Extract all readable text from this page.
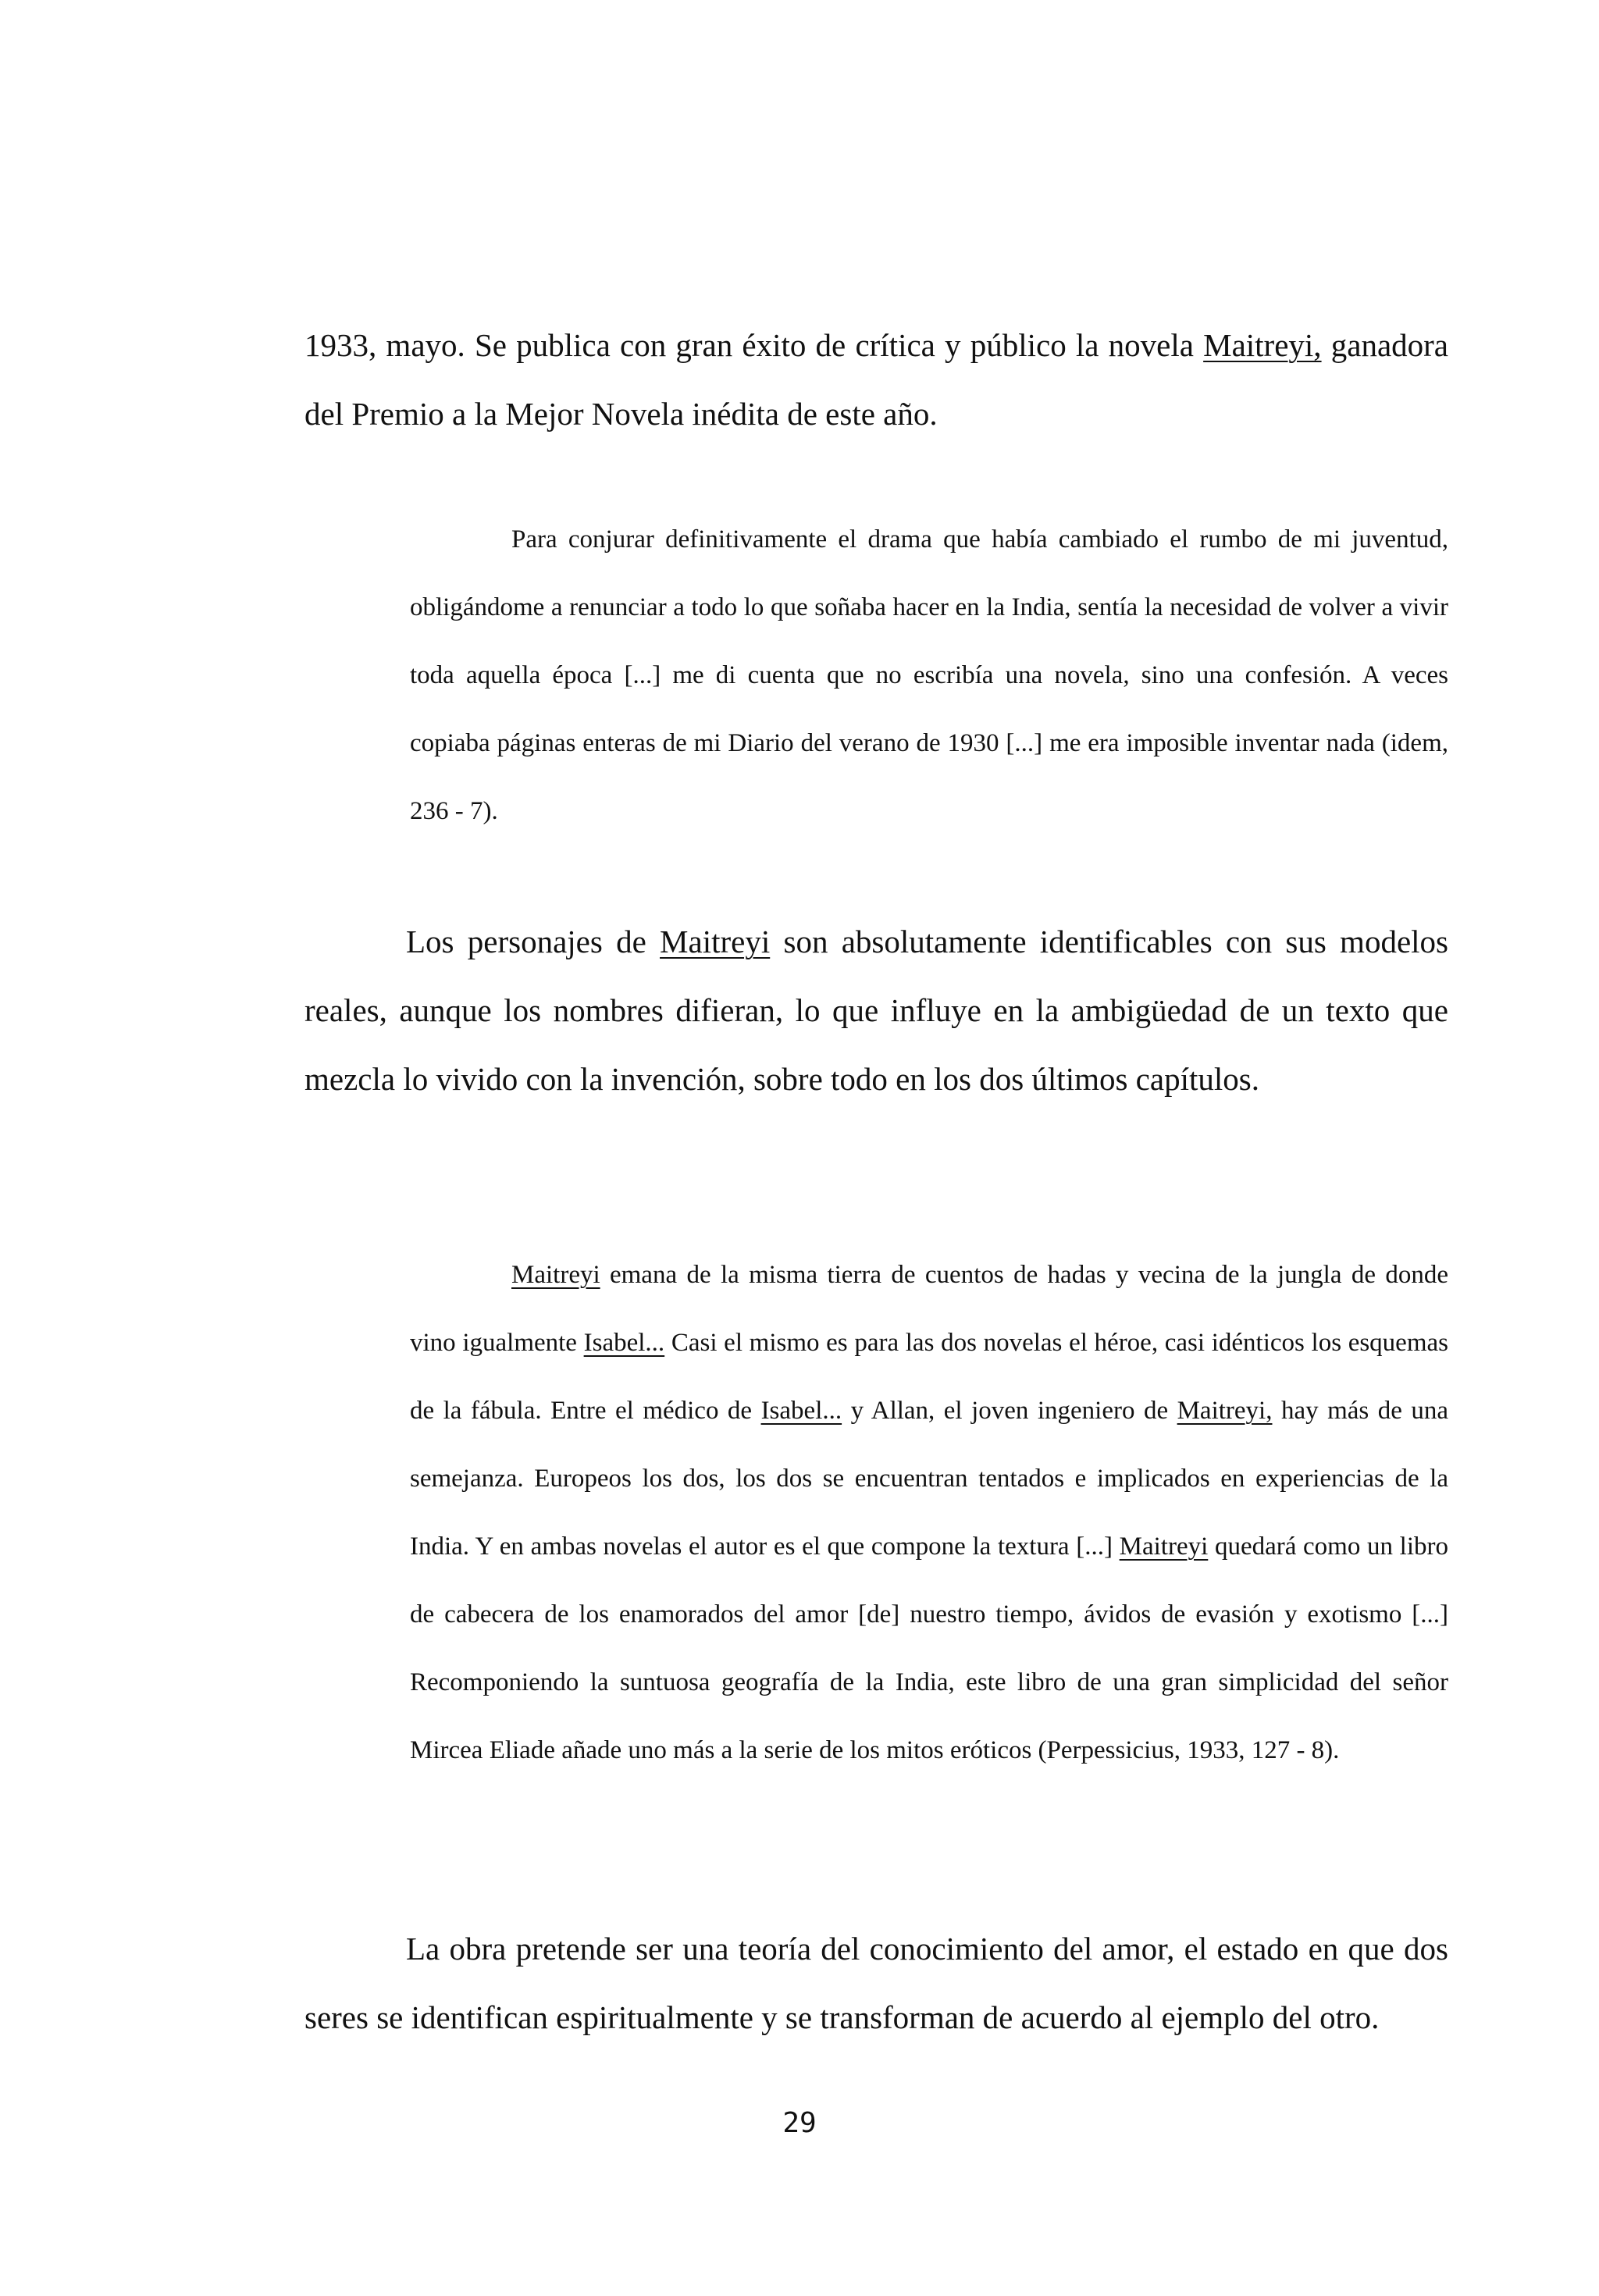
1933, mayo. Se publica con gran éxito de crítica y público la novela Maitreyi, ganadora del Premio a la Mejor Novela inédita de este año.

Para conjurar definitivamente el drama que había cambiado el rumbo de mi juventud, obligándome a renunciar a todo lo que soñaba hacer en la India, sentía la necesidad de volver a vivir toda aquella época [...] me di cuenta que no escribía una novela, sino una confesión. A veces copiaba páginas enteras de mi Diario del verano de 1930 [...] me era imposible inventar nada (idem, 236 - 7).

Los personajes de Maitreyi son absolutamente identificables con sus modelos reales, aunque los nombres difieran, lo que influye en la ambigüedad de un texto que mezcla lo vivido con la invención, sobre todo en los dos últimos capítulos.

Maitreyi emana de la misma tierra de cuentos de hadas y vecina de la jungla de donde vino igualmente Isabel... Casi el mismo es para las dos novelas el héroe, casi idénticos los esquemas de la fábula. Entre el médico de Isabel... y Allan, el joven ingeniero de Maitreyi, hay más de una semejanza. Europeos los dos, los dos se encuentran tentados e implicados en experiencias de la India. Y en ambas novelas el autor es el que compone la textura [...] Maitreyi quedará como un libro de cabecera de los enamorados del amor [de] nuestro tiempo, ávidos de evasión y exotismo [...] Recomponiendo la suntuosa geografía de la India, este libro de una gran simplicidad del señor Mircea Eliade añade uno más a la serie de los mitos eróticos (Perpessicius, 1933, 127 - 8).

La obra pretende ser una teoría del conocimiento del amor, el estado en que dos seres se identifican espiritualmente y se transforman de acuerdo al ejemplo del otro.

29
